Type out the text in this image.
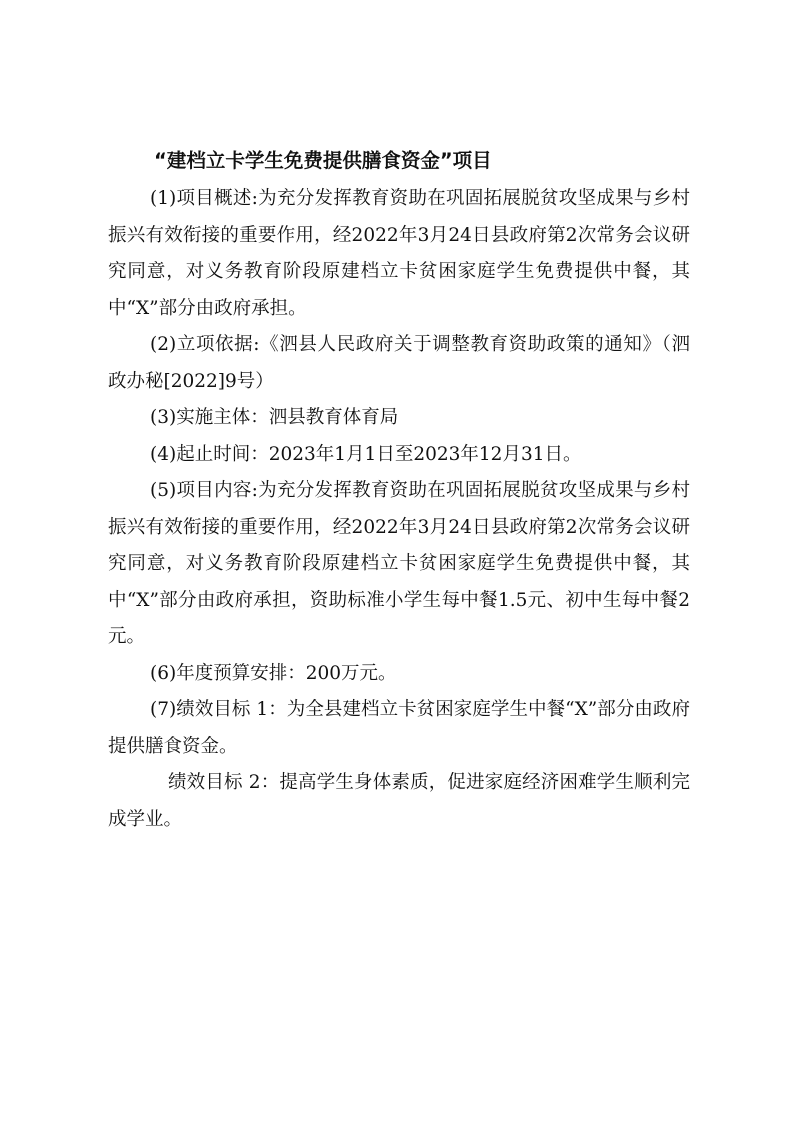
“建档立卡学生免费提供膳食资金”项目

(1)项目概述:为充分发挥教育资助在巩固拓展脱贫攻坚成果与乡村振兴有效衔接的重要作用，经2022年3月24日县政府第2次常务会议研究同意，对义务教育阶段原建档立卡贫困家庭学生免费提供中餐，其中“X”部分由政府承担。

(2)立项依据:《泗县人民政府关于调整教育资助政策的通知》（泗政办秘[2022]9号）

(3)实施主体：泗县教育体育局

(4)起止时间：2023年1月1日至2023年12月31日。

(5)项目内容:为充分发挥教育资助在巩固拓展脱贫攻坚成果与乡村振兴有效衔接的重要作用，经2022年3月24日县政府第2次常务会议研究同意，对义务教育阶段原建档立卡贫困家庭学生免费提供中餐，其中“X”部分由政府承担，资助标准小学生每中餐1.5元、初中生每中餐2元。

(6)年度预算安排：200万元。

(7)绩效目标 1：为全县建档立卡贫困家庭学生中餐“X”部分由政府提供膳食资金。

绩效目标 2：提高学生身体素质，促进家庭经济困难学生顺利完成学业。
